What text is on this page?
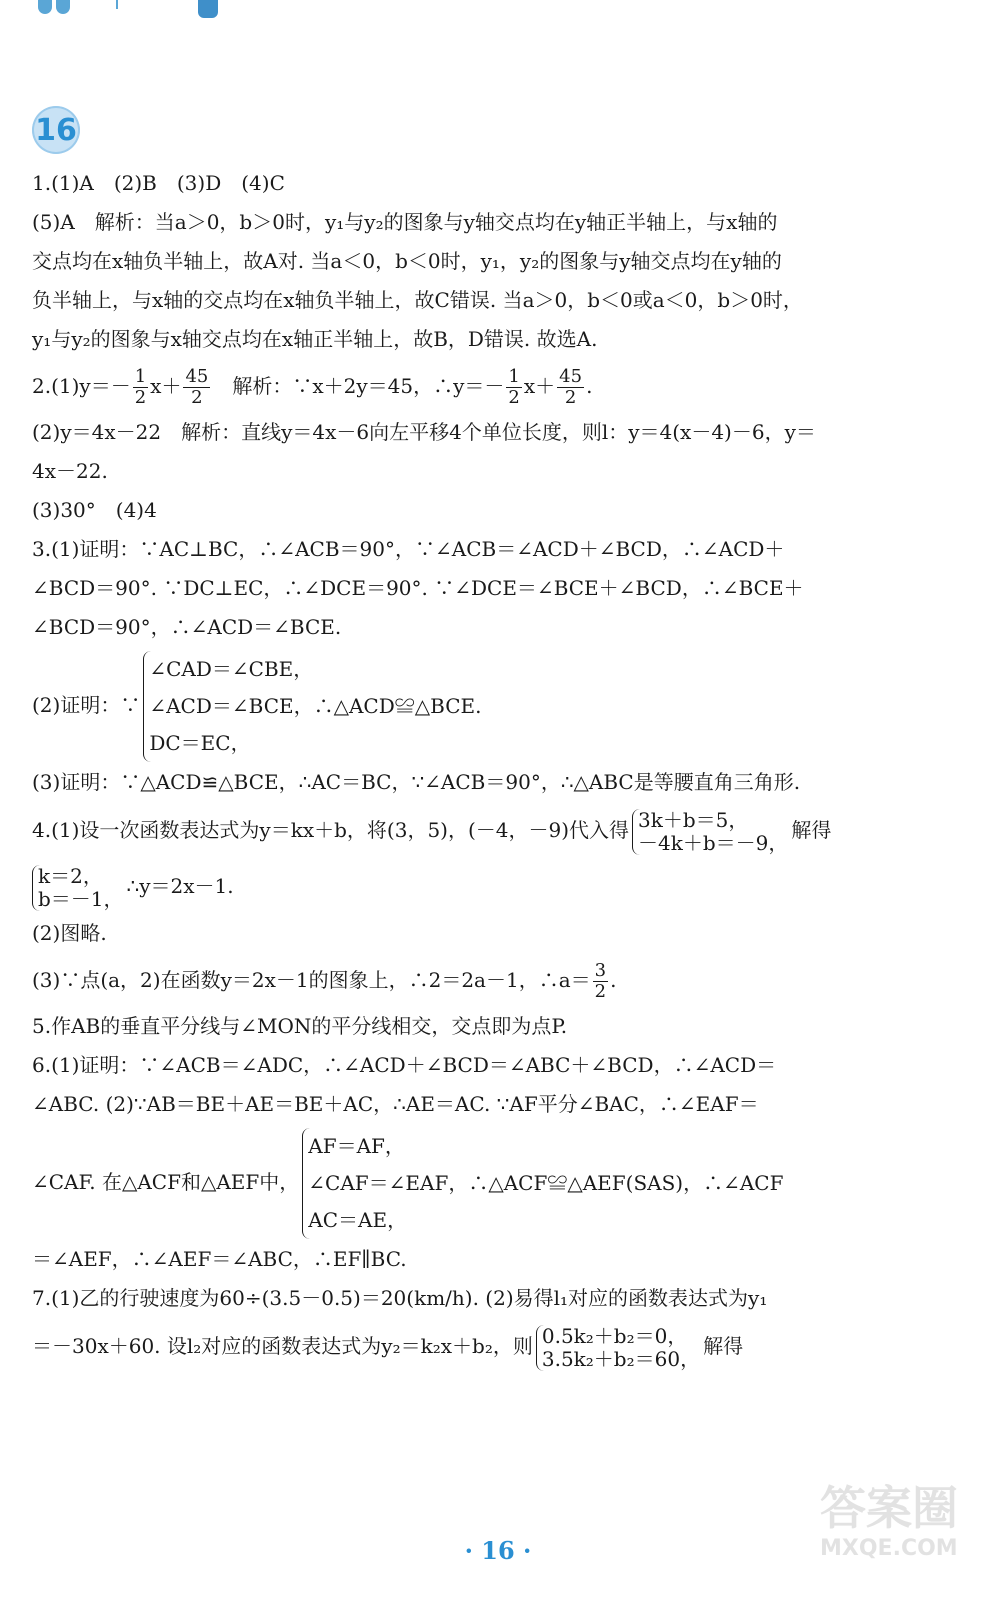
16
1.(1)A　(2)B　(3)D　(4)C
(5)A　解析：当a＞0，b＞0时，y₁与y₂的图象与y轴交点均在y轴正半轴上，与x轴的
交点均在x轴负半轴上，故A对. 当a＜0，b＜0时，y₁，y₂的图象与y轴交点均在y轴的
负半轴上，与x轴的交点均在x轴负半轴上，故C错误. 当a＞0，b＜0或a＜0，b＞0时，
y₁与y₂的图象与x轴交点均在x轴正半轴上，故B，D错误. 故选A.
$2.(1)y=- \frac{1}{2} x+ \frac{45}{2}$ 　解析：∵x＋2y＝45，∴y＝－ $\frac{1}{2} x+ \frac{45}{2}$ .
(2)y＝4x－22　解析：直线y＝4x－6向左平移4个单位长度，则l：y＝4(x－4)－6，y＝
4x－22.
(3)30°　(4)4
3.(1)证明：∵AC⊥BC，∴∠ACB＝90°，∵∠ACB＝∠ACD＋∠BCD，∴∠ACD＋
∠BCD＝90°. ∵DC⊥EC，∴∠DCE＝90°. ∵∠DCE＝∠BCE＋∠BCD，∴∠BCE＋
∠BCD＝90°，∴∠ACD＝∠BCE.
(2)证明：∵
∠CAD＝∠CBE，
∠ACD＝∠BCE，∴△ACD≌△BCE.
DC＝EC，
(3)证明：∵△ACD≌△BCE，∴AC＝BC，∵∠ACB＝90°，∴△ABC是等腰直角三角形.
4.(1)设一次函数表达式为y＝kx＋b，将(3，5)，(－4，－9)代入得 3k＋b＝5，
－4k＋b＝－9，
解得
k＝2，
b＝－1，
∴y＝2x－1.
(2)图略.
(3)∵点(a，2)在函数y＝2x－1的图象上，∴2＝2a－1，∴a＝ $\frac{3}{2}$ .
5.作AB的垂直平分线与∠MON的平分线相交，交点即为点P.
6.(1)证明：∵∠ACB＝∠ADC，∴∠ACD＋∠BCD＝∠ABC＋∠BCD，∴∠ACD＝
∠ABC. (2)∵AB＝BE＋AE＝BE＋AC，∴AE＝AC. ∵AF平分∠BAC，∴∠EAF＝
∠CAF. 在△ACF和△AEF中，
AF＝AF，
∠CAF＝∠EAF，∴△ACF≌△AEF(SAS)，∴∠ACF
AC＝AE，
＝∠AEF，∴∠AEF＝∠ABC，∴EF∥BC.
7.(1)乙的行驶速度为60÷(3.5－0.5)＝20(km/h). (2)易得l₁对应的函数表达式为y₁
＝－30x＋60. 设l₂对应的函数表达式为y₂＝k₂x＋b₂，则 0.5k₂＋b₂＝0，
3.5k₂＋b₂＝60，
解得
答案圈
MXQE.COM
· 16 ·
